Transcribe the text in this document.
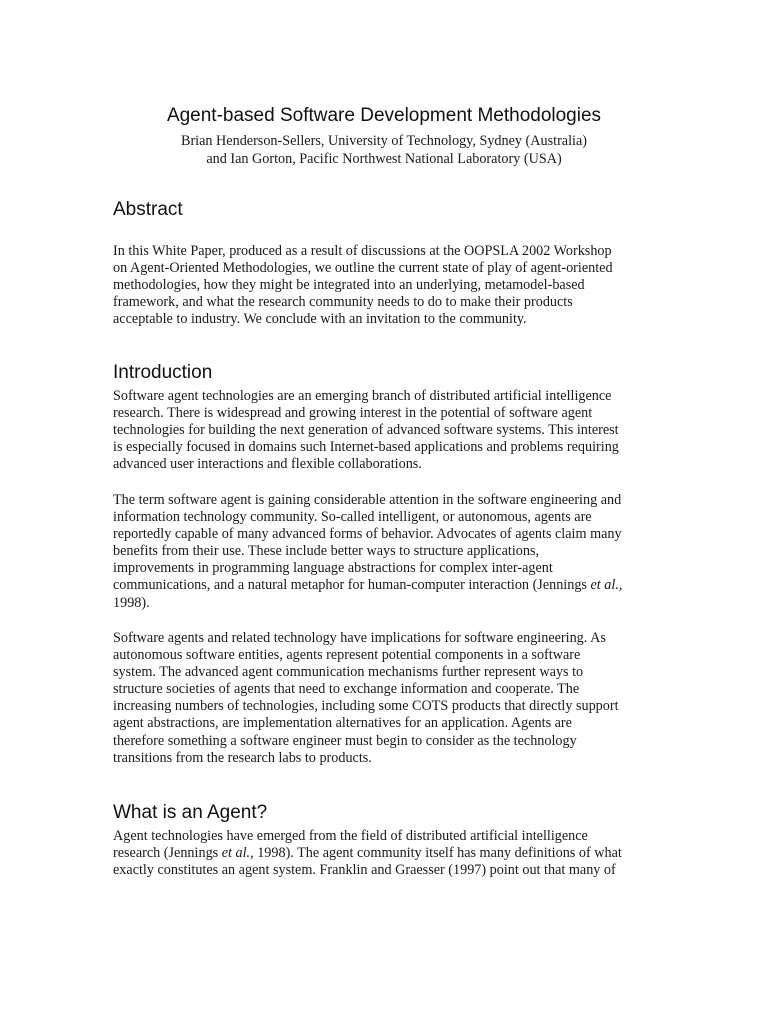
Agent-based Software Development Methodologies
Brian Henderson-Sellers, University of Technology, Sydney (Australia)
and Ian Gorton, Pacific Northwest National Laboratory (USA)
Abstract
In this White Paper, produced as a result of discussions at the OOPSLA 2002 Workshop
on Agent-Oriented Methodologies, we outline the current state of play of agent-oriented
methodologies, how they might be integrated into an underlying, metamodel-based
framework, and what the research community needs to do to make their products
acceptable to industry. We conclude with an invitation to the community.
Introduction
Software agent technologies are an emerging branch of distributed artificial intelligence
research. There is widespread and growing interest in the potential of software agent
technologies for building the next generation of advanced software systems. This interest
is especially focused in domains such Internet-based applications and problems requiring
advanced user interactions and flexible collaborations.
The term software agent is gaining considerable attention in the software engineering and
information technology community. So-called intelligent, or autonomous, agents are
reportedly capable of many advanced forms of behavior. Advocates of agents claim many
benefits from their use. These include better ways to structure applications,
improvements in programming language abstractions for complex inter-agent
communications, and a natural metaphor for human-computer interaction (Jennings et al.,
1998).
Software agents and related technology have implications for software engineering. As
autonomous software entities, agents represent potential components in a software
system. The advanced agent communication mechanisms further represent ways to
structure societies of agents that need to exchange information and cooperate. The
increasing numbers of technologies, including some COTS products that directly support
agent abstractions, are implementation alternatives for an application. Agents are
therefore something a software engineer must begin to consider as the technology
transitions from the research labs to products.
What is an Agent?
Agent technologies have emerged from the field of distributed artificial intelligence
research (Jennings et al., 1998). The agent community itself has many definitions of what
exactly constitutes an agent system. Franklin and Graesser (1997) point out that many of
